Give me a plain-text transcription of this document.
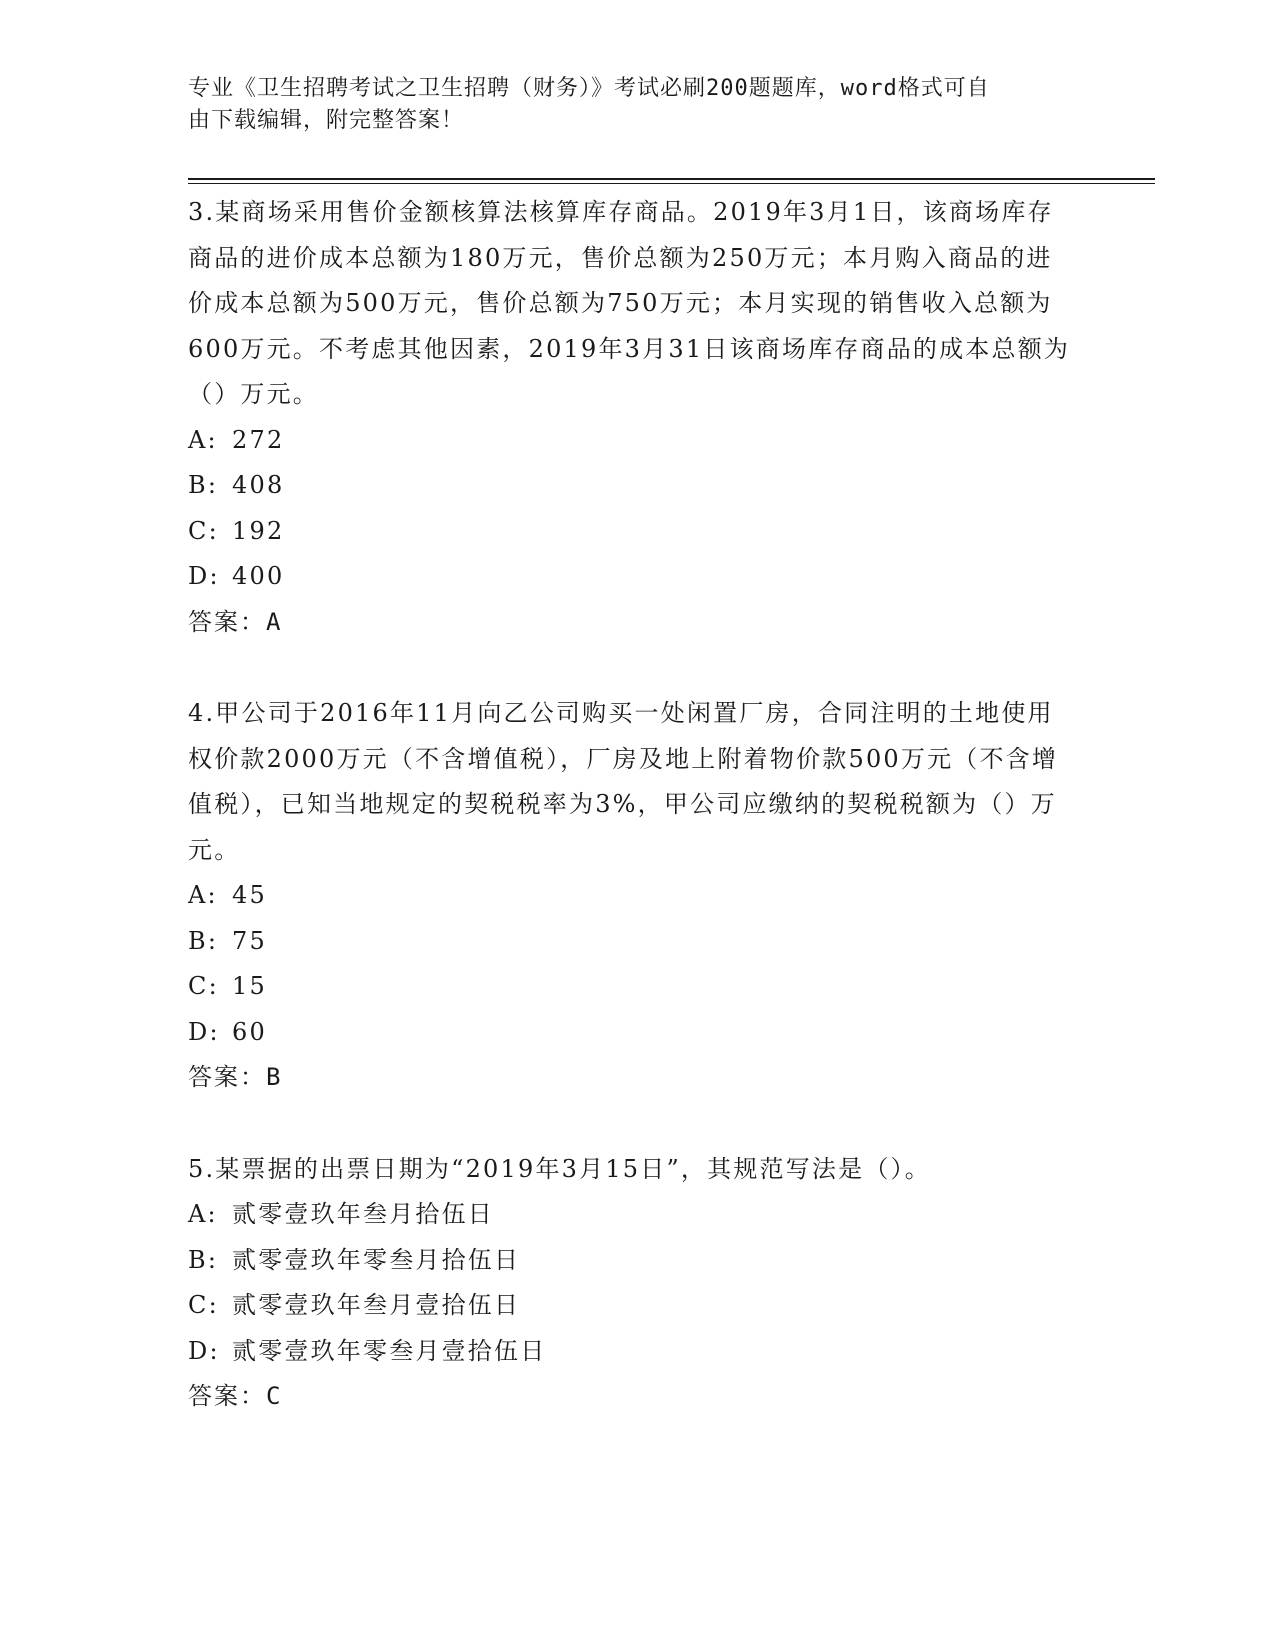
专业《卫生招聘考试之卫生招聘（财务）》考试必刷200题题库，word格式可自
由下载编辑，附完整答案！

3.某商场采用售价金额核算法核算库存商品。2019年3月1日，该商场库存商品的进价成本总额为180万元，售价总额为250万元；本月购入商品的进价成本总额为500万元，售价总额为750万元；本月实现的销售收入总额为600万元。不考虑其他因素，2019年3月31日该商场库存商品的成本总额为（）万元。

A: 272

B: 408

C: 192

D: 400

答案：A

4.甲公司于2016年11月向乙公司购买一处闲置厂房，合同注明的土地使用权价款2000万元（不含增值税），厂房及地上附着物价款500万元（不含增值税），已知当地规定的契税税率为3%，甲公司应缴纳的契税税额为（）万元。

A: 45

B: 75

C: 15

D: 60

答案：B

5.某票据的出票日期为“2019年3月15日”，其规范写法是（）。

A: 贰零壹玖年叁月拾伍日

B: 贰零壹玖年零叁月拾伍日

C: 贰零壹玖年叁月壹拾伍日

D: 贰零壹玖年零叁月壹拾伍日

答案：C
